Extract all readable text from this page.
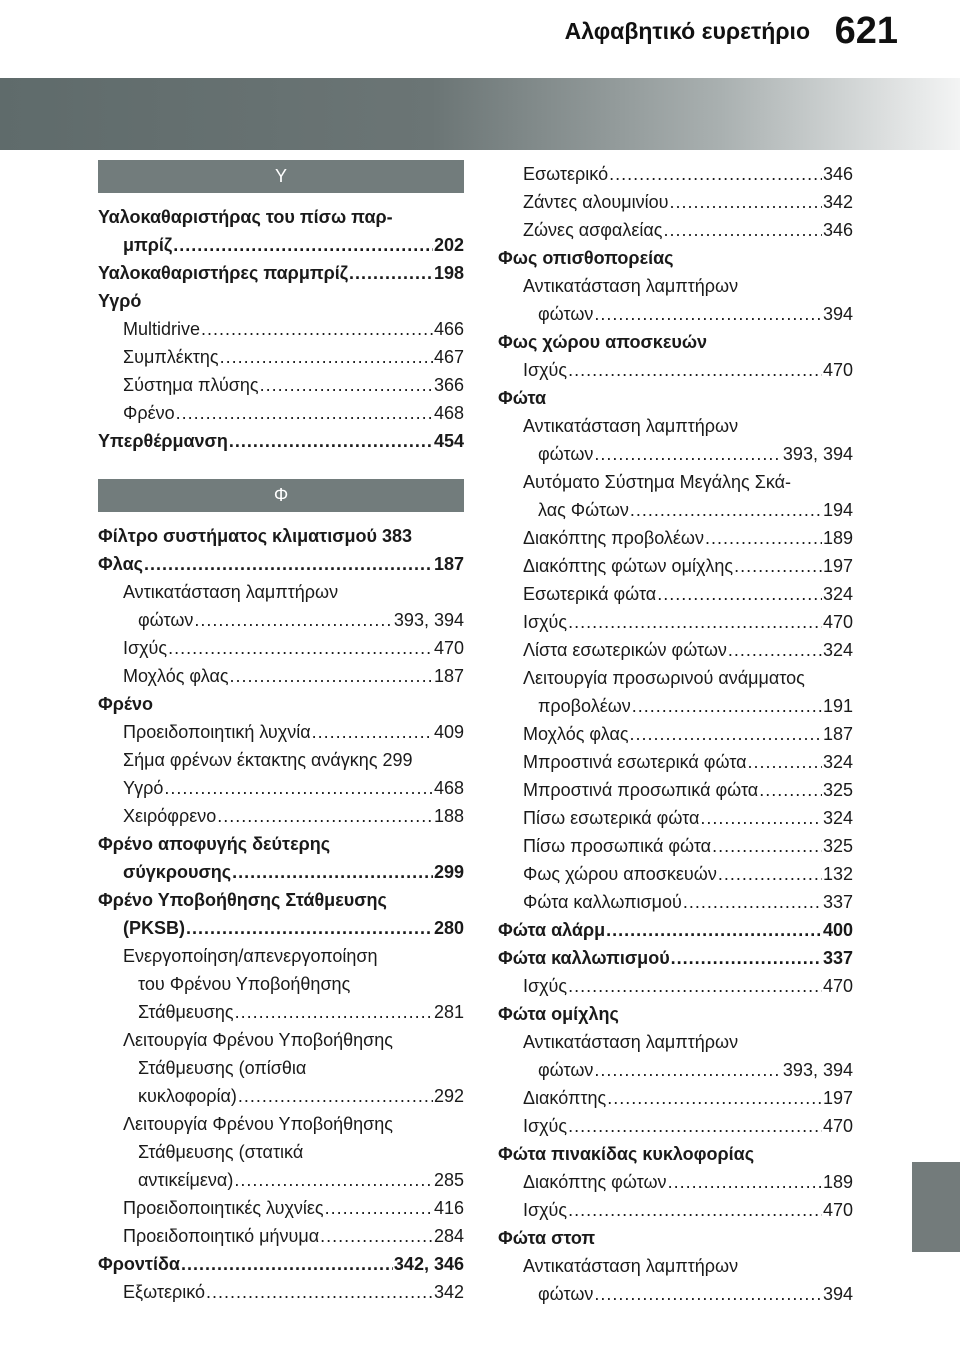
Αλφαβητικό ευρετήριο 621
Υ
Υαλοκαθαριστήρας του πίσω παρ-
μπρίζ .....	202
Υαλοκαθαριστήρες παρμπρίζ .....	198
Υγρό
Multidrive .....	466
Συμπλέκτης .....	467
Σύστημα πλύσης .....	366
Φρένο .....	468
Υπερθέρμανση .....	454
Φ
Φίλτρο συστήματος κλιματισμού 383
Φλας .....	187
Αντικατάσταση λαμπτήρων
φώτων .....	393, 394
Ισχύς .....	470
Μοχλός φλας .....	187
Φρένο
Προειδοποιητική λυχνία .....	409
Σήμα φρένων έκτακτης ανάγκης 299
Υγρό .....	468
Χειρόφρενο .....	188
Φρένο αποφυγής δεύτερης
σύγκρουσης .....	299
Φρένο Υποβοήθησης Στάθμευσης
(PKSB) .....	280
Ενεργοποίηση/απενεργοποίηση
του Φρένου Υποβοήθησης
Στάθμευσης .....	281
Λειτουργία Φρένου Υποβοήθησης
Στάθμευσης (οπίσθια
κυκλοφορία) .....	292
Λειτουργία Φρένου Υποβοήθησης
Στάθμευσης (στατικά
αντικείμενα) .....	285
Προειδοποιητικές λυχνίες .....	416
Προειδοποιητικό μήνυμα .....	284
Φροντίδα .....	342, 346
Εξωτερικό .....	342
Εσωτερικό .....	346
Ζάντες αλουμινίου .....	342
Ζώνες ασφαλείας .....	346
Φως οπισθοπορείας
Αντικατάσταση λαμπτήρων
φώτων .....	394
Φως χώρου αποσκευών
Ισχύς .....	470
Φώτα
Αντικατάσταση λαμπτήρων
φώτων .....	393, 394
Αυτόματο Σύστημα Μεγάλης Σκά-
λας Φώτων .....	194
Διακόπτης προβολέων .....	189
Διακόπτης φώτων ομίχλης .....	197
Εσωτερικά φώτα .....	324
Ισχύς .....	470
Λίστα εσωτερικών φώτων .....	324
Λειτουργία προσωρινού ανάμματος
προβολέων .....	191
Μοχλός φλας .....	187
Μπροστινά εσωτερικά φώτα .....	324
Μπροστινά προσωπικά φώτα .....	325
Πίσω εσωτερικά φώτα .....	324
Πίσω προσωπικά φώτα .....	325
Φως χώρου αποσκευών .....	132
Φώτα καλλωπισμού .....	337
Φώτα αλάρμ .....	400
Φώτα καλλωπισμού .....	337
Ισχύς .....	470
Φώτα ομίχλης
Αντικατάσταση λαμπτήρων
φώτων .....	393, 394
Διακόπτης .....	197
Ισχύς .....	470
Φώτα πινακίδας κυκλοφορίας
Διακόπτης φώτων .....	189
Ισχύς .....	470
Φώτα στοπ
Αντικατάσταση λαμπτήρων
φώτων .....	394
